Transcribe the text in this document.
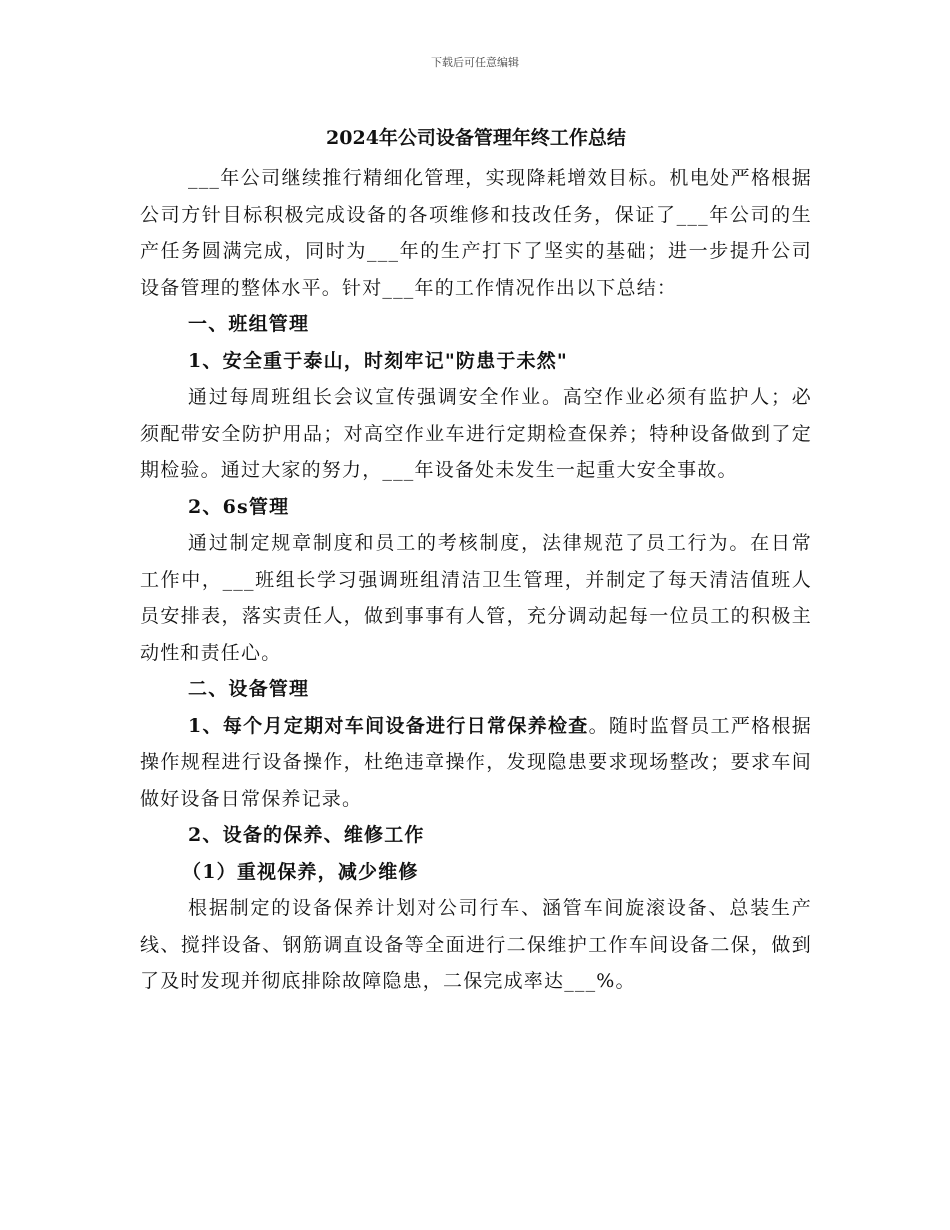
下载后可任意编辑
2024年公司设备管理年终工作总结

___年公司继续推行精细化管理，实现降耗增效目标。机电处严格根据公司方针目标积极完成设备的各项维修和技改任务，保证了___年公司的生产任务圆满完成，同时为___年的生产打下了坚实的基础；进一步提升公司设备管理的整体水平。针对___年的工作情况作出以下总结：

一、班组管理

1、安全重于泰山，时刻牢记"防患于未然"

通过每周班组长会议宣传强调安全作业。高空作业必须有监护人；必须配带安全防护用品；对高空作业车进行定期检查保养；特种设备做到了定期检验。通过大家的努力，___年设备处未发生一起重大安全事故。

2、6s管理

通过制定规章制度和员工的考核制度，法律规范了员工行为。在日常工作中，___班组长学习强调班组清洁卫生管理，并制定了每天清洁值班人员安排表，落实责任人，做到事事有人管，充分调动起每一位员工的积极主动性和责任心。

二、设备管理

1、每个月定期对车间设备进行日常保养检查。随时监督员工严格根据操作规程进行设备操作，杜绝违章操作，发现隐患要求现场整改；要求车间做好设备日常保养记录。

2、设备的保养、维修工作

（1）重视保养，减少维修

根据制定的设备保养计划对公司行车、涵管车间旋滚设备、总装生产线、搅拌设备、钢筋调直设备等全面进行二保维护工作车间设备二保，做到了及时发现并彻底排除故障隐患，二保完成率达___%。
